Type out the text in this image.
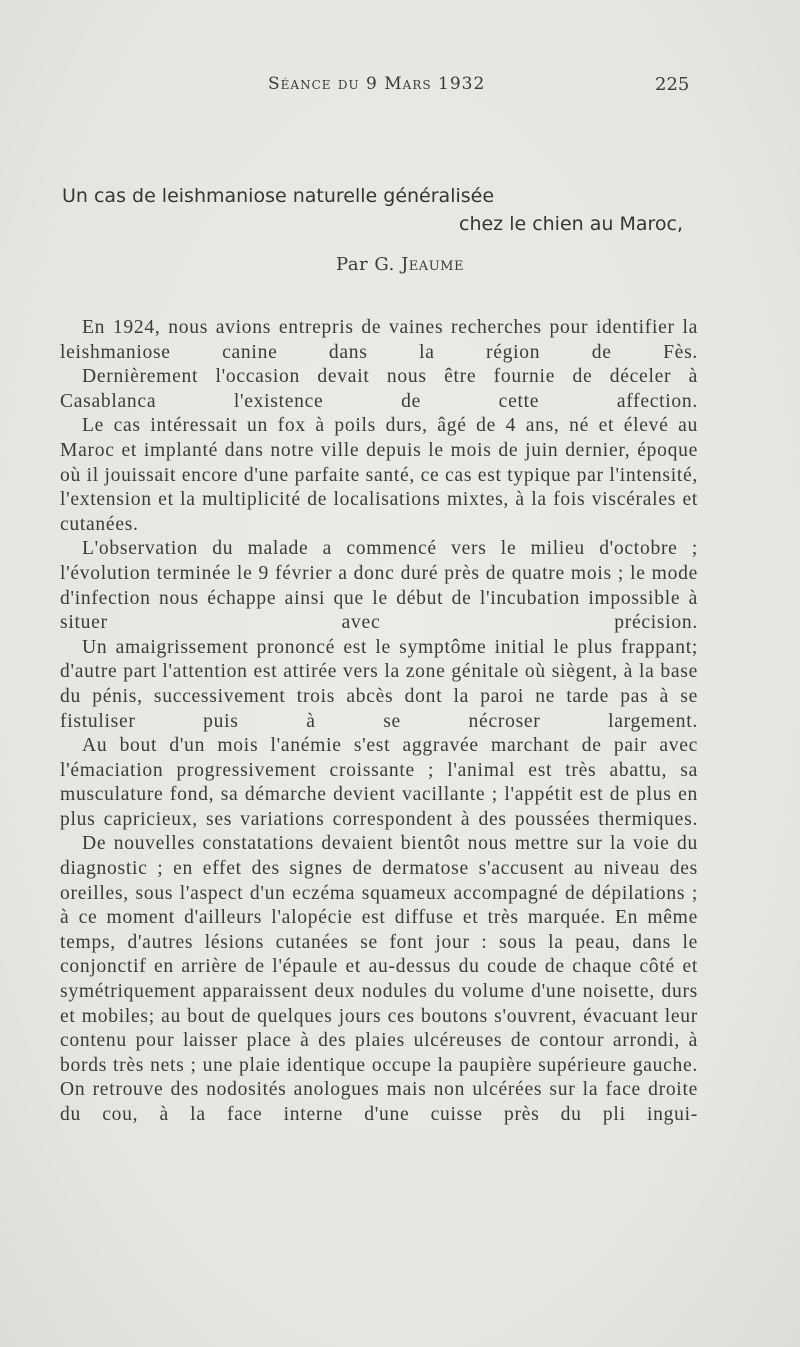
Séance du 9 Mars 1932	225
Un cas de leishmaniose naturelle généralisée
chez le chien au Maroc,
Par G. Jeaume

En 1924, nous avions entrepris de vaines recherches pour identifier la leishmaniose canine dans la région de Fès.

Dernièrement l'occasion devait nous être fournie de déceler à Casablanca l'existence de cette affection.

Le cas intéressait un fox à poils durs, âgé de 4 ans, né et élevé au Maroc et implanté dans notre ville depuis le mois de juin dernier, époque où il jouissait encore d'une parfaite santé, ce cas est typique par l'intensité, l'extension et la multiplicité de localisations mixtes, à la fois viscérales et cutanées.

L'observation du malade a commencé vers le milieu d'octobre ; l'évolution terminée le 9 février a donc duré près de quatre mois ; le mode d'infection nous échappe ainsi que le début de l'incubation impossible à situer avec précision.

Un amaigrissement prononcé est le symptôme initial le plus frappant; d'autre part l'attention est attirée vers la zone génitale où siègent, à la base du pénis, successivement trois abcès dont la paroi ne tarde pas à se fistuliser puis à se nécroser largement.

Au bout d'un mois l'anémie s'est aggravée marchant de pair avec l'émaciation progressivement croissante ; l'animal est très abattu, sa musculature fond, sa démarche devient vacillante ; l'appétit est de plus en plus capricieux, ses variations correspondent à des poussées thermiques.

De nouvelles constatations devaient bientôt nous mettre sur la voie du diagnostic ; en effet des signes de dermatose s'accusent au niveau des oreilles, sous l'aspect d'un eczéma squameux accompagné de dépilations ; à ce moment d'ailleurs l'alopécie est diffuse et très marquée. En même temps, d'autres lésions cutanées se font jour : sous la peau, dans le conjonctif en arrière de l'épaule et au-dessus du coude de chaque côté et symétriquement apparaissent deux nodules du volume d'une noisette, durs et mobiles; au bout de quelques jours ces boutons s'ouvrent, évacuant leur contenu pour laisser place à des plaies ulcéreuses de contour arrondi, à bords très nets ; une plaie identique occupe la paupière supérieure gauche. On retrouve des nodosités anologues mais non ulcérées sur la face droite du cou, à la face interne d'une cuisse près du pli ingui-
